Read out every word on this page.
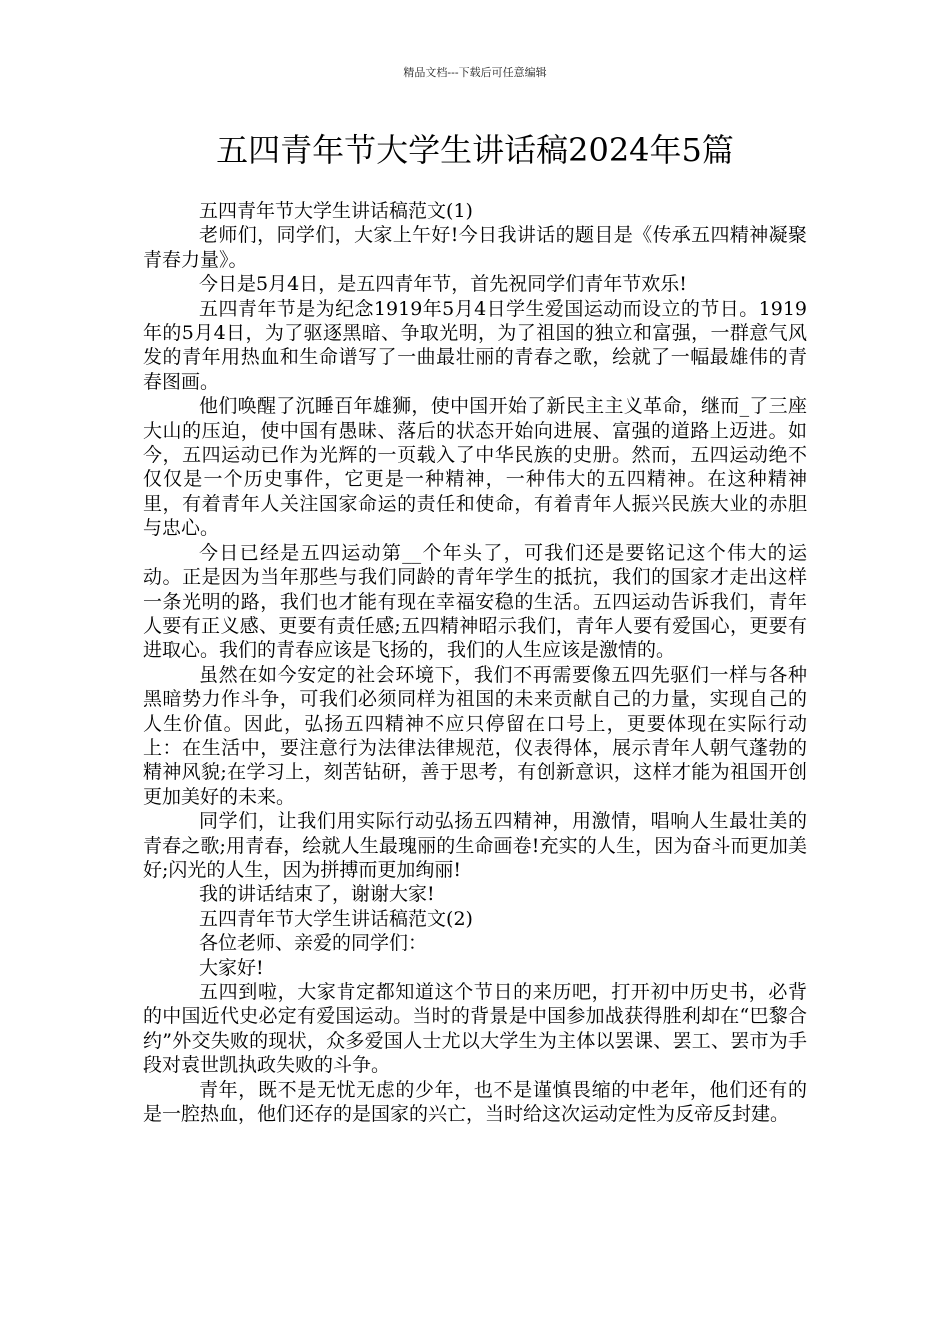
精品文档---下载后可任意编辑
五四青年节大学生讲话稿2024年5篇

五四青年节大学生讲话稿范文(1)

老师们，同学们，大家上午好!今日我讲话的题目是《传承五四精神凝聚青春力量》。

今日是5月4日，是五四青年节，首先祝同学们青年节欢乐!

五四青年节是为纪念1919年5月4日学生爱国运动而设立的节日。1919年的5月4日，为了驱逐黑暗、争取光明，为了祖国的独立和富强，一群意气风发的青年用热血和生命谱写了一曲最壮丽的青春之歌，绘就了一幅最雄伟的青春图画。

他们唤醒了沉睡百年雄狮，使中国开始了新民主主义革命，继而_了三座大山的压迫，使中国有愚昧、落后的状态开始向进展、富强的道路上迈进。如今，五四运动已作为光辉的一页载入了中华民族的史册。然而，五四运动绝不仅仅是一个历史事件，它更是一种精神，一种伟大的五四精神。在这种精神里，有着青年人关注国家命运的责任和使命，有着青年人振兴民族大业的赤胆与忠心。

今日已经是五四运动第__个年头了，可我们还是要铭记这个伟大的运动。正是因为当年那些与我们同龄的青年学生的抵抗，我们的国家才走出这样一条光明的路，我们也才能有现在幸福安稳的生活。五四运动告诉我们，青年人要有正义感、更要有责任感;五四精神昭示我们，青年人要有爱国心，更要有进取心。我们的青春应该是飞扬的，我们的人生应该是激情的。

虽然在如今安定的社会环境下，我们不再需要像五四先驱们一样与各种黑暗势力作斗争，可我们必须同样为祖国的未来贡献自己的力量，实现自己的人生价值。因此，弘扬五四精神不应只停留在口号上，更要体现在实际行动上：在生活中，要注意行为法律法律规范，仪表得体，展示青年人朝气蓬勃的精神风貌;在学习上，刻苦钻研，善于思考，有创新意识，这样才能为祖国开创更加美好的未来。

同学们，让我们用实际行动弘扬五四精神，用激情，唱响人生最壮美的青春之歌;用青春，绘就人生最瑰丽的生命画卷!充实的人生，因为奋斗而更加美好;闪光的人生，因为拼搏而更加绚丽!

我的讲话结束了，谢谢大家!

五四青年节大学生讲话稿范文(2)

各位老师、亲爱的同学们：

大家好!

五四到啦，大家肯定都知道这个节日的来历吧，打开初中历史书，必背的中国近代史必定有爱国运动。当时的背景是中国参加战获得胜利却在“巴黎合约”外交失败的现状，众多爱国人士尤以大学生为主体以罢课、罢工、罢市为手段对袁世凯执政失败的斗争。

青年，既不是无忧无虑的少年，也不是谨慎畏缩的中老年，他们还有的是一腔热血，他们还存的是国家的兴亡，当时给这次运动定性为反帝反封建。
